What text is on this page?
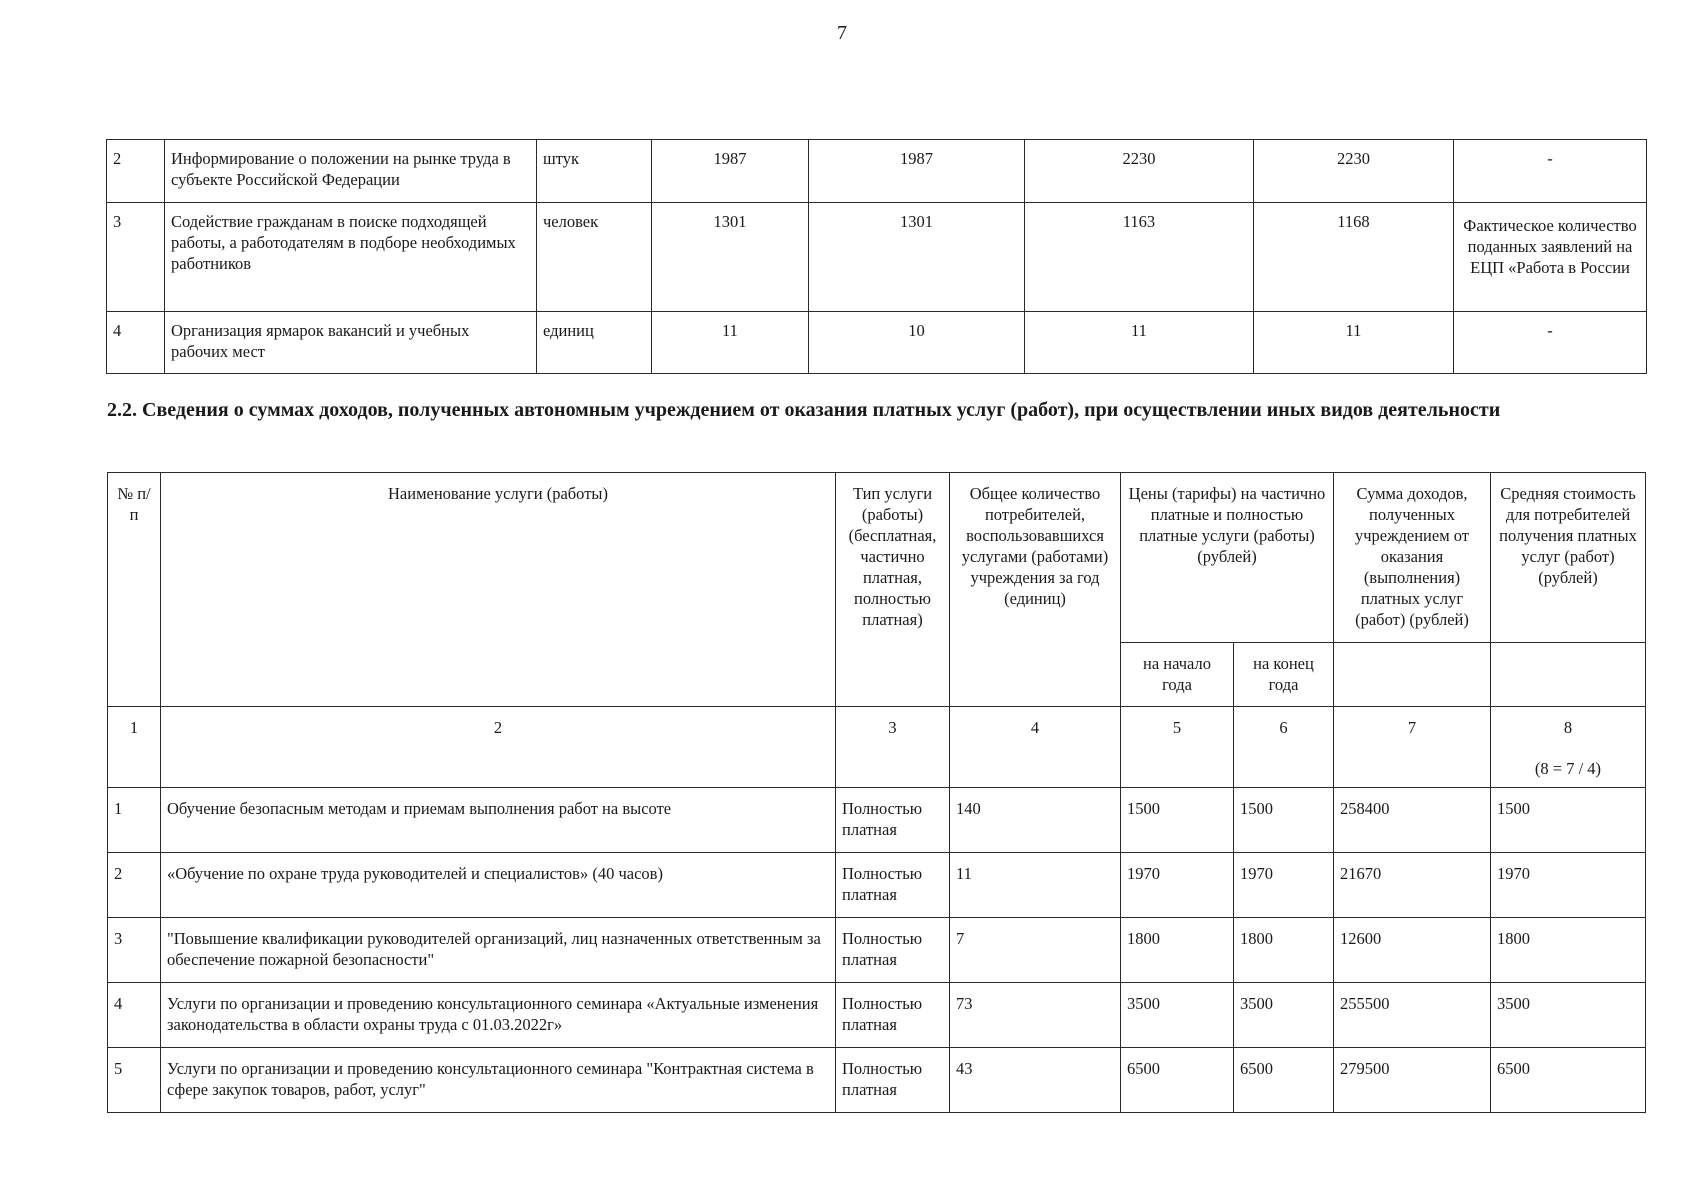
7
2	Информирование о положении на рынке труда в субъекте Российской Федерации	штук	1987	1987	2230	2230	-
3	Содействие гражданам в поиске подходящей работы, а работодателям в подборе необходимых работников	человек	1301	1301	1163	1168	Фактическое количество поданных заявлений на ЕЦП «Работа в России
4	Организация ярмарок вакансий и учебных рабочих мест	единиц	11	10	11	11	-

2.2. Сведения о суммах доходов, полученных автономным учреждением от оказания платных услуг (работ), при осуществлении иных видов деятельности

№ п/п	Наименование услуги (работы)	Тип услуги (работы) (бесплатная, частично платная, полностью платная)	Общее количество потребителей, воспользовавшихся услугами (работами) учреждения за год (единиц)	Цены (тарифы) на частично платные и полностью платные услуги (работы) (рублей)		Сумма доходов, полученных учреждением от оказания (выполнения) платных услуг (работ) (рублей)	Средняя стоимость для потребителей получения платных услуг (работ) (рублей)
				на начало года	на конец года		
1	2	3	4	5	6	7	8
(8 = 7 / 4)

1	Обучение безопасным методам и приемам выполнения работ на высоте	Полностью платная	140	1500	1500	258400	1500
2	«Обучение по охране труда руководителей и специалистов» (40 часов)	Полностью платная	11	1970	1970	21670	1970
3	"Повышение квалификации руководителей организаций, лиц назначенных ответственным за обеспечение пожарной безопасности"	Полностью платная	7	1800	1800	12600	1800
4	Услуги по организации и проведению консультационного семинара «Актуальные изменения законодательства в области охраны труда с 01.03.2022г»	Полностью платная	73	3500	3500	255500	3500
5	Услуги по организации и проведению консультационного семинара "Контрактная система в сфере закупок товаров, работ, услуг"	Полностью платная	43	6500	6500	279500	6500
